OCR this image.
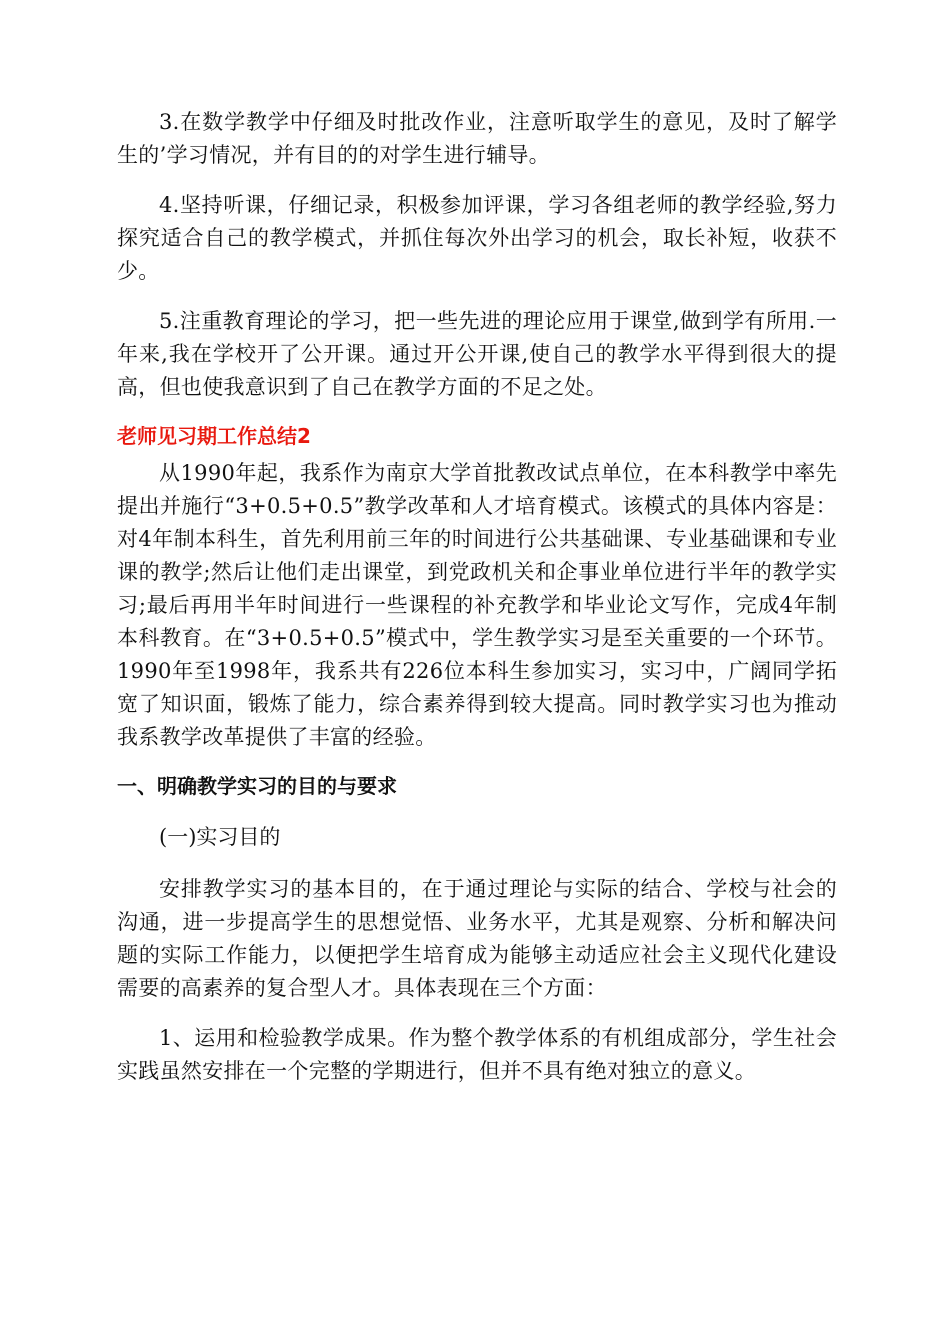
3.在数学教学中仔细及时批改作业，注意听取学生的意见，及时了解学生的’学习情况，并有目的的对学生进行辅导。

4.坚持听课，仔细记录，积极参加评课，学习各组老师的教学经验,努力探究适合自己的教学模式，并抓住每次外出学习的机会，取长补短，收获不少。

5.注重教育理论的学习，把一些先进的理论应用于课堂,做到学有所用.一年来,我在学校开了公开课。通过开公开课,使自己的教学水平得到很大的提高，但也使我意识到了自己在教学方面的不足之处。

老师见习期工作总结2

从1990年起，我系作为南京大学首批教改试点单位，在本科教学中率先提出并施行“3+0.5+0.5”教学改革和人才培育模式。该模式的具体内容是：对4年制本科生，首先利用前三年的时间进行公共基础课、专业基础课和专业课的教学;然后让他们走出课堂，到党政机关和企事业单位进行半年的教学实习;最后再用半年时间进行一些课程的补充教学和毕业论文写作，完成4年制本科教育。在“3+0.5+0.5”模式中，学生教学实习是至关重要的一个环节。1990年至1998年，我系共有226位本科生参加实习，实习中，广阔同学拓宽了知识面，锻炼了能力，综合素养得到较大提高。同时教学实习也为推动我系教学改革提供了丰富的经验。

一、明确教学实习的目的与要求

(一)实习目的

安排教学实习的基本目的，在于通过理论与实际的结合、学校与社会的沟通，进一步提高学生的思想觉悟、业务水平，尤其是观察、分析和解决问题的实际工作能力，以便把学生培育成为能够主动适应社会主义现代化建设需要的高素养的复合型人才。具体表现在三个方面：

1、运用和检验教学成果。作为整个教学体系的有机组成部分，学生社会实践虽然安排在一个完整的学期进行，但并不具有绝对独立的意义。
